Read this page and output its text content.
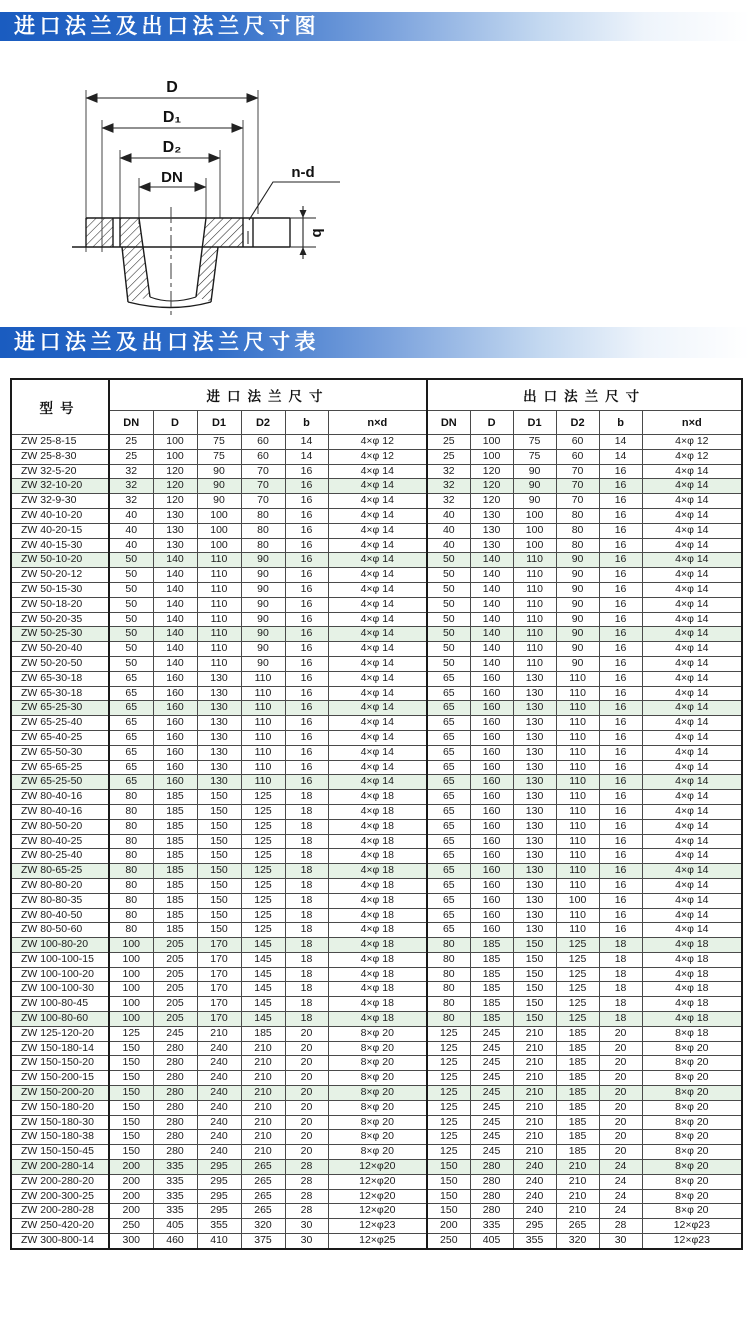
进口法兰及出口法兰尺寸图
D
D₁
D₂
DN	n-d
b
进口法兰及出口法兰尺寸表
型号	进口法兰尺寸						出口法兰尺寸					
	DN	D	D1	D2	b	n×d	DN	D	D1	D2	b	n×d
ZW 25-8-15	25	100	75	60	14	4×φ 12	25	100	75	60	14	4×φ 12
ZW 25-8-30	25	100	75	60	14	4×φ 12	25	100	75	60	14	4×φ 12
ZW 32-5-20	32	120	90	70	16	4×φ 14	32	120	90	70	16	4×φ 14
ZW 32-10-20	32	120	90	70	16	4×φ 14	32	120	90	70	16	4×φ 14
ZW 32-9-30	32	120	90	70	16	4×φ 14	32	120	90	70	16	4×φ 14
ZW 40-10-20	40	130	100	80	16	4×φ 14	40	130	100	80	16	4×φ 14
ZW 40-20-15	40	130	100	80	16	4×φ 14	40	130	100	80	16	4×φ 14
ZW 40-15-30	40	130	100	80	16	4×φ 14	40	130	100	80	16	4×φ 14
ZW 50-10-20	50	140	110	90	16	4×φ 14	50	140	110	90	16	4×φ 14
ZW 50-20-12	50	140	110	90	16	4×φ 14	50	140	110	90	16	4×φ 14
ZW 50-15-30	50	140	110	90	16	4×φ 14	50	140	110	90	16	4×φ 14
ZW 50-18-20	50	140	110	90	16	4×φ 14	50	140	110	90	16	4×φ 14
ZW 50-20-35	50	140	110	90	16	4×φ 14	50	140	110	90	16	4×φ 14
ZW 50-25-30	50	140	110	90	16	4×φ 14	50	140	110	90	16	4×φ 14
ZW 50-20-40	50	140	110	90	16	4×φ 14	50	140	110	90	16	4×φ 14
ZW 50-20-50	50	140	110	90	16	4×φ 14	50	140	110	90	16	4×φ 14
ZW 65-30-18	65	160	130	110	16	4×φ 14	65	160	130	110	16	4×φ 14
ZW 65-30-18	65	160	130	110	16	4×φ 14	65	160	130	110	16	4×φ 14
ZW 65-25-30	65	160	130	110	16	4×φ 14	65	160	130	110	16	4×φ 14
ZW 65-25-40	65	160	130	110	16	4×φ 14	65	160	130	110	16	4×φ 14
ZW 65-40-25	65	160	130	110	16	4×φ 14	65	160	130	110	16	4×φ 14
ZW 65-50-30	65	160	130	110	16	4×φ 14	65	160	130	110	16	4×φ 14
ZW 65-65-25	65	160	130	110	16	4×φ 14	65	160	130	110	16	4×φ 14
ZW 65-25-50	65	160	130	110	16	4×φ 14	65	160	130	110	16	4×φ 14
ZW 80-40-16	80	185	150	125	18	4×φ 18	65	160	130	110	16	4×φ 14
ZW 80-40-16	80	185	150	125	18	4×φ 18	65	160	130	110	16	4×φ 14
ZW 80-50-20	80	185	150	125	18	4×φ 18	65	160	130	110	16	4×φ 14
ZW 80-40-25	80	185	150	125	18	4×φ 18	65	160	130	110	16	4×φ 14
ZW 80-25-40	80	185	150	125	18	4×φ 18	65	160	130	110	16	4×φ 14
ZW 80-65-25	80	185	150	125	18	4×φ 18	65	160	130	110	16	4×φ 14
ZW 80-80-20	80	185	150	125	18	4×φ 18	65	160	130	110	16	4×φ 14
ZW 80-80-35	80	185	150	125	18	4×φ 18	65	160	130	100	16	4×φ 14
ZW 80-40-50	80	185	150	125	18	4×φ 18	65	160	130	110	16	4×φ 14
ZW 80-50-60	80	185	150	125	18	4×φ 18	65	160	130	110	16	4×φ 14
ZW 100-80-20	100	205	170	145	18	4×φ 18	80	185	150	125	18	4×φ 18
ZW 100-100-15	100	205	170	145	18	4×φ 18	80	185	150	125	18	4×φ 18
ZW 100-100-20	100	205	170	145	18	4×φ 18	80	185	150	125	18	4×φ 18
ZW 100-100-30	100	205	170	145	18	4×φ 18	80	185	150	125	18	4×φ 18
ZW 100-80-45	100	205	170	145	18	4×φ 18	80	185	150	125	18	4×φ 18
ZW 100-80-60	100	205	170	145	18	4×φ 18	80	185	150	125	18	4×φ 18
ZW 125-120-20	125	245	210	185	20	8×φ 20	125	245	210	185	20	8×φ 18
ZW 150-180-14	150	280	240	210	20	8×φ 20	125	245	210	185	20	8×φ 20
ZW 150-150-20	150	280	240	210	20	8×φ 20	125	245	210	185	20	8×φ 20
ZW 150-200-15	150	280	240	210	20	8×φ 20	125	245	210	185	20	8×φ 20
ZW 150-200-20	150	280	240	210	20	8×φ 20	125	245	210	185	20	8×φ 20
ZW 150-180-20	150	280	240	210	20	8×φ 20	125	245	210	185	20	8×φ 20
ZW 150-180-30	150	280	240	210	20	8×φ 20	125	245	210	185	20	8×φ 20
ZW 150-180-38	150	280	240	210	20	8×φ 20	125	245	210	185	20	8×φ 20
ZW 150-150-45	150	280	240	210	20	8×φ 20	125	245	210	185	20	8×φ 20
ZW 200-280-14	200	335	295	265	28	12×φ20	150	280	240	210	24	8×φ 20
ZW 200-280-20	200	335	295	265	28	12×φ20	150	280	240	210	24	8×φ 20
ZW 200-300-25	200	335	295	265	28	12×φ20	150	280	240	210	24	8×φ 20
ZW 200-280-28	200	335	295	265	28	12×φ20	150	280	240	210	24	8×φ 20
ZW 250-420-20	250	405	355	320	30	12×φ23	200	335	295	265	28	12×φ23
ZW 300-800-14	300	460	410	375	30	12×φ25	250	405	355	320	30	12×φ23
